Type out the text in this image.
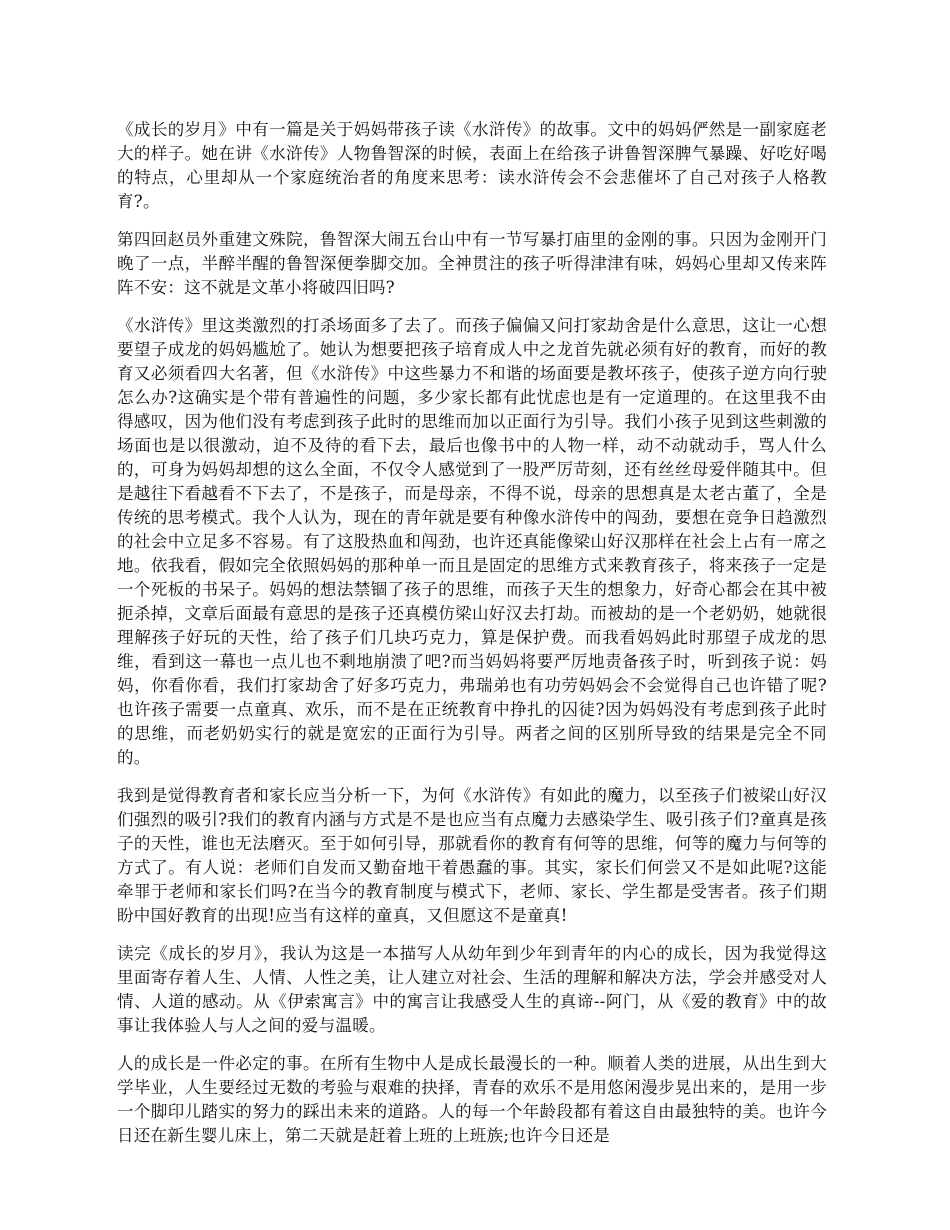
《成长的岁月》中有一篇是关于妈妈带孩子读《水浒传》的故事。文中的妈妈俨然是一副家庭老大的样子。她在讲《水浒传》人物鲁智深的时候，表面上在给孩子讲鲁智深脾气暴躁、好吃好喝的特点，心里却从一个家庭统治者的角度来思考：读水浒传会不会悲催坏了自己对孩子人格教育?。

第四回赵员外重建文殊院，鲁智深大闹五台山中有一节写暴打庙里的金刚的事。只因为金刚开门晚了一点，半醉半醒的鲁智深便拳脚交加。全神贯注的孩子听得津津有味，妈妈心里却又传来阵阵不安：这不就是文革小将破四旧吗?

《水浒传》里这类激烈的打杀场面多了去了。而孩子偏偏又问打家劫舍是什么意思，这让一心想要望子成龙的妈妈尴尬了。她认为想要把孩子培育成人中之龙首先就必须有好的教育，而好的教育又必须看四大名著，但《水浒传》中这些暴力不和谐的场面要是教坏孩子，使孩子逆方向行驶怎么办?这确实是个带有普遍性的问题，多少家长都有此忧虑也是有一定道理的。在这里我不由得感叹，因为他们没有考虑到孩子此时的思维而加以正面行为引导。我们小孩子见到这些刺激的场面也是以很激动，迫不及待的看下去，最后也像书中的人物一样，动不动就动手，骂人什么的，可身为妈妈却想的这么全面，不仅令人感觉到了一股严厉苛刻，还有丝丝母爱伴随其中。但是越往下看越看不下去了，不是孩子，而是母亲，不得不说，母亲的思想真是太老古董了，全是传统的思考模式。我个人认为，现在的青年就是要有种像水浒传中的闯劲，要想在竞争日趋激烈的社会中立足多不容易。有了这股热血和闯劲，也许还真能像梁山好汉那样在社会上占有一席之地。依我看，假如完全依照妈妈的那种单一而且是固定的思维方式来教育孩子，将来孩子一定是一个死板的书呆子。妈妈的想法禁锢了孩子的思维，而孩子天生的想象力，好奇心都会在其中被扼杀掉，文章后面最有意思的是孩子还真模仿梁山好汉去打劫。而被劫的是一个老奶奶，她就很理解孩子好玩的天性，给了孩子们几块巧克力，算是保护费。而我看妈妈此时那望子成龙的思维，看到这一幕也一点儿也不剩地崩溃了吧?而当妈妈将要严厉地责备孩子时，听到孩子说：妈妈，你看你看，我们打家劫舍了好多巧克力，弗瑞弟也有功劳妈妈会不会觉得自己也许错了呢?也许孩子需要一点童真、欢乐，而不是在正统教育中挣扎的囚徒?因为妈妈没有考虑到孩子此时的思维，而老奶奶实行的就是宽宏的正面行为引导。两者之间的区别所导致的结果是完全不同的。

我到是觉得教育者和家长应当分析一下，为何《水浒传》有如此的魔力，以至孩子们被梁山好汉们强烈的吸引?我们的教育内涵与方式是不是也应当有点魔力去感染学生、吸引孩子们?童真是孩子的天性，谁也无法磨灭。至于如何引导，那就看你的教育有何等的思维，何等的魔力与何等的方式了。有人说：老师们自发而又勤奋地干着愚蠢的事。其实，家长们何尝又不是如此呢?这能牵罪于老师和家长们吗?在当今的教育制度与模式下，老师、家长、学生都是受害者。孩子们期盼中国好教育的出现!应当有这样的童真，又但愿这不是童真!

读完《成长的岁月》，我认为这是一本描写人从幼年到少年到青年的内心的成长，因为我觉得这里面寄存着人生、人情、人性之美，让人建立对社会、生活的理解和解决方法，学会并感受对人情、人道的感动。从《伊索寓言》中的寓言让我感受人生的真谛--阿门，从《爱的教育》中的故事让我体验人与人之间的爱与温暖。

人的成长是一件必定的事。在所有生物中人是成长最漫长的一种。顺着人类的进展，从出生到大学毕业，人生要经过无数的考验与艰难的抉择，青春的欢乐不是用悠闲漫步晃出来的，是用一步一个脚印儿踏实的努力的踩出未来的道路。人的每一个年龄段都有着这自由最独特的美。也许今日还在新生婴儿床上，第二天就是赶着上班的上班族;也许今日还是
